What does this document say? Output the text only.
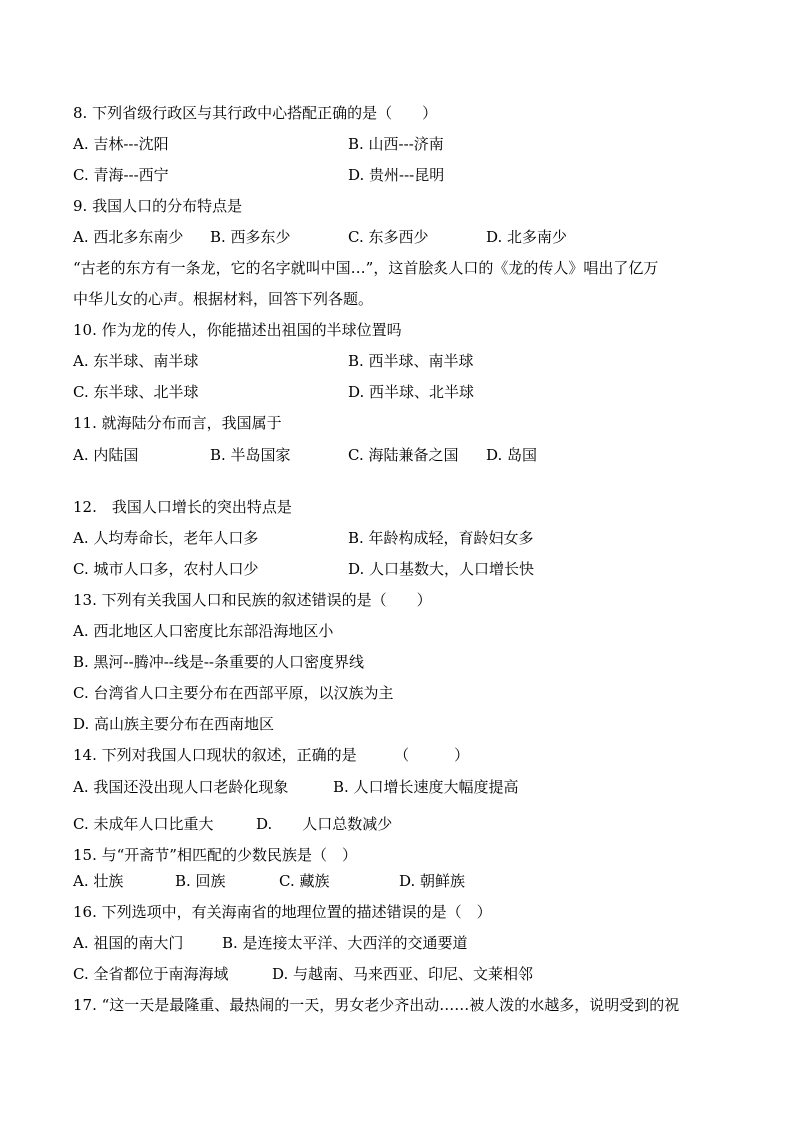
8. 下列省级行政区与其行政中心搭配正确的是（　　）
A. 吉林---沈阳	B. 山西---济南
C. 青海---西宁	D. 贵州---昆明
9. 我国人口的分布特点是
A. 西北多东南少 B. 西多东少	C. 东多西少	D. 北多南少
“古老的东方有一条龙，它的名字就叫中国…”，这首脍炙人口的《龙的传人》唱出了亿万
中华儿女的心声。根据材料，回答下列各题。
10. 作为龙的传人，你能描述出祖国的半球位置吗
A. 东半球、南半球	B. 西半球、南半球
C. 东半球、北半球	D. 西半球、北半球
11. 就海陆分布而言，我国属于
A. 内陆国	B. 半岛国家	C. 海陆兼备之国 D. 岛国
12.　我国人口增长的突出特点是
A. 人均寿命长，老年人口多	B. 年龄构成轻，育龄妇女多
C. 城市人口多，农村人口少	D. 人口基数大，人口增长快
13. 下列有关我国人口和民族的叙述错误的是（　　）
A. 西北地区人口密度比东部沿海地区小
B. 黑河--腾冲--线是--条重要的人口密度界线
C. 台湾省人口主要分布在西部平原，以汉族为主
D. 高山族主要分布在西南地区
14. 下列对我国人口现状的叙述，正确的是　　　（　　　）
A. 我国还没出现人口老龄化现象	B. 人口增长速度大幅度提高
C. 未成年人口比重大	D.　　人口总数减少
15. 与“开斋节”相匹配的少数民族是（　）
A. 壮族	B. 回族	C. 藏族	D. 朝鲜族
16. 下列选项中，有关海南省的地理位置的描述错误的是（　）
A. 祖国的南大门	B. 是连接太平洋、大西洋的交通要道
C. 全省都位于南海海域	D. 与越南、马来西亚、印尼、文莱相邻
17. “这一天是最隆重、最热闹的一天，男女老少齐出动……被人泼的水越多，说明受到的祝
